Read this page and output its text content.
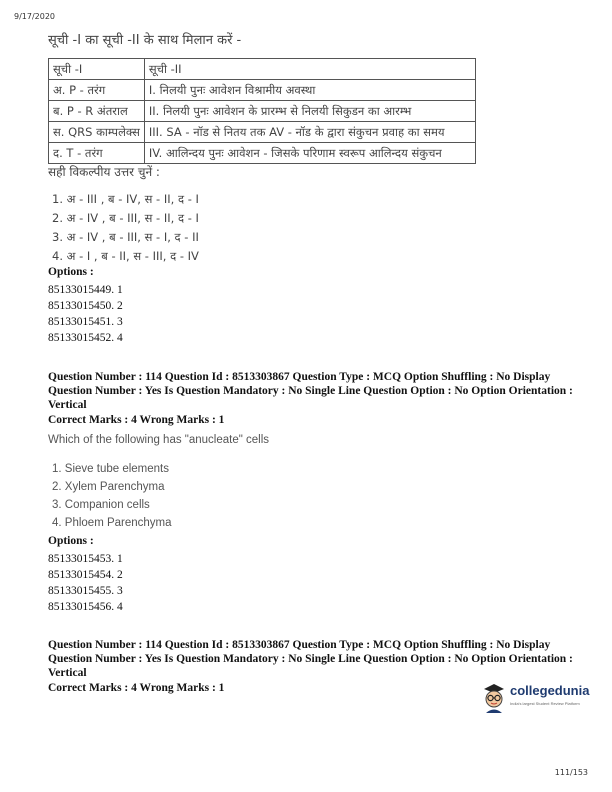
9/17/2020
सूची -I का सूची -II के साथ मिलान करें -
सूची -I	सूची -II
अ. P - तरंग	I. निलयी पुनः आवेशन विश्रामीय अवस्था
ब. P - R अंतराल	II. निलयी पुनः आवेशन के प्रारम्भ से निलयी सिकुडन का आरम्भ
स. QRS काम्पलेक्स	III. SA - नॉड से नितय तक AV - नॉड के द्वारा संकुचन प्रवाह का समय
द. T - तरंग	IV. आलिन्दय पुनः आवेशन - जिसके परिणाम स्वरूप आलिन्दय संकुचन
सही विकल्पीय उत्तर चुनें :
1. अ - III , ब - IV, स - II, द - I
2. अ - IV , ब - III, स - II, द - I
3. अ - IV , ब - III, स - I, द - II
4. अ - I , ब - II, स - III, द - IV
Options :
85133015449. 1
85133015450. 2
85133015451. 3
85133015452. 4
Question Number : 114 Question Id : 8513303867 Question Type : MCQ Option Shuffling : No Display Question Number : Yes Is Question Mandatory : No Single Line Question Option : No Option Orientation : Vertical
Correct Marks : 4 Wrong Marks : 1
Which of the following has "anucleate" cells
1. Sieve tube elements
2. Xylem Parenchyma
3. Companion cells
4. Phloem Parenchyma
Options :
85133015453. 1
85133015454. 2
85133015455. 3
85133015456. 4
Question Number : 114 Question Id : 8513303867 Question Type : MCQ Option Shuffling : No Display Question Number : Yes Is Question Mandatory : No Single Line Question Option : No Option Orientation : Vertical
Correct Marks : 4 Wrong Marks : 1	collegedunia
India's largest Student Review Platform
111/153
